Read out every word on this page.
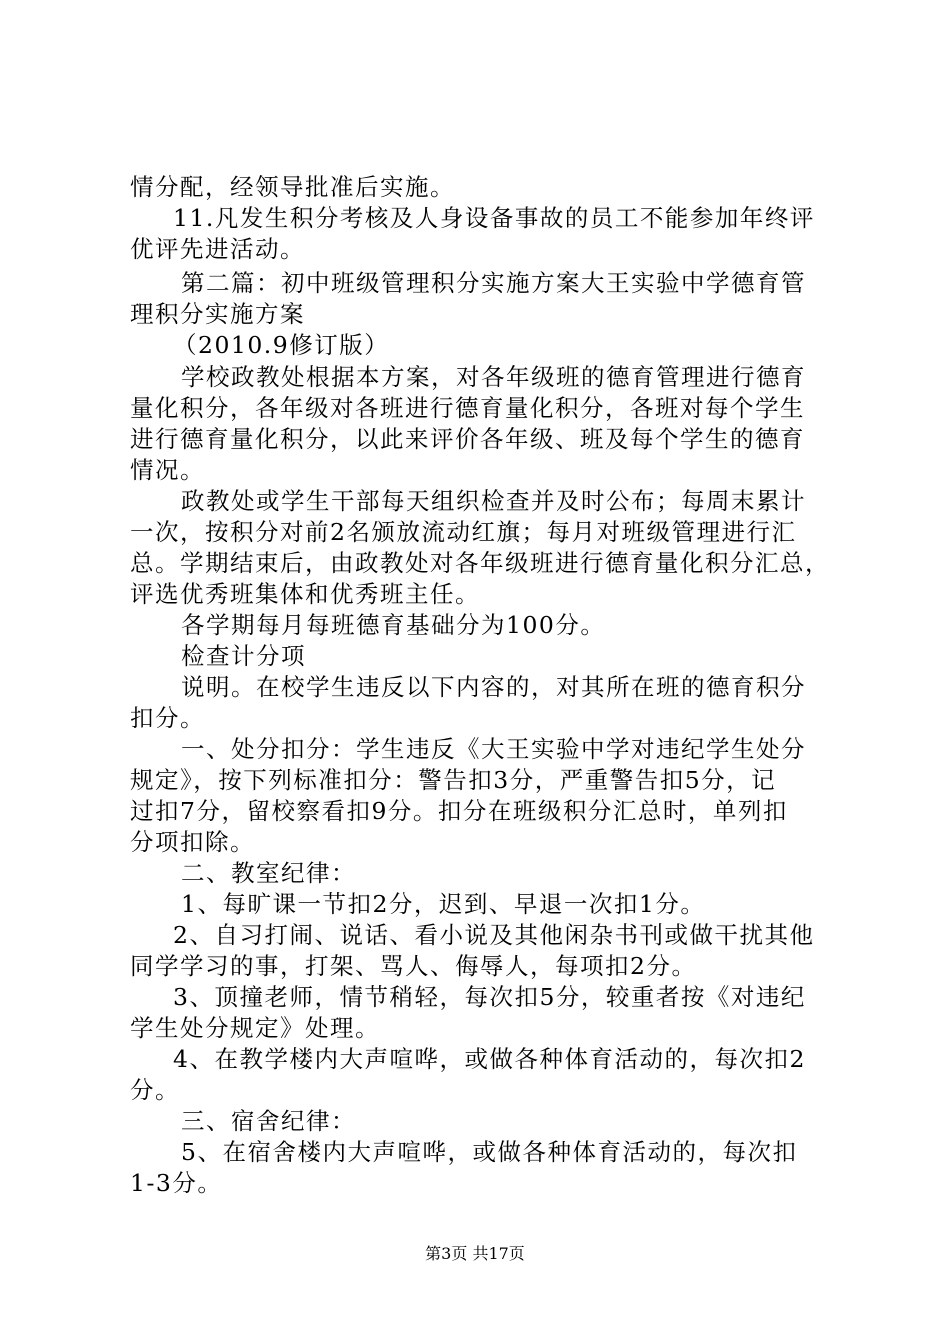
情分配，经领导批准后实施。
11.凡发生积分考核及人身设备事故的员工不能参加年终评
优评先进活动。
第二篇：初中班级管理积分实施方案大王实验中学德育管
理积分实施方案
（2010.9修订版）
学校政教处根据本方案，对各年级班的德育管理进行德育
量化积分，各年级对各班进行德育量化积分，各班对每个学生
进行德育量化积分，以此来评价各年级、班及每个学生的德育
情况。
政教处或学生干部每天组织检查并及时公布；每周末累计
一次，按积分对前2名颁放流动红旗；每月对班级管理进行汇
总。学期结束后，由政教处对各年级班进行德育量化积分汇总，
评选优秀班集体和优秀班主任。
各学期每月每班德育基础分为100分。
检查计分项
说明。在校学生违反以下内容的，对其所在班的德育积分
扣分。
一、处分扣分：学生违反《大王实验中学对违纪学生处分
规定》，按下列标准扣分：警告扣3分，严重警告扣5分，记
过扣7分，留校察看扣9分。扣分在班级积分汇总时，单列扣
分项扣除。
二、教室纪律：
1、每旷课一节扣2分，迟到、早退一次扣1分。
2、自习打闹、说话、看小说及其他闲杂书刊或做干扰其他
同学学习的事，打架、骂人、侮辱人，每项扣2分。
3、顶撞老师，情节稍轻，每次扣5分，较重者按《对违纪
学生处分规定》处理。
4、在教学楼内大声喧哗，或做各种体育活动的，每次扣2
分。
三、宿舍纪律：
5、在宿舍楼内大声喧哗，或做各种体育活动的，每次扣
1-3分。
第3页 共17页
